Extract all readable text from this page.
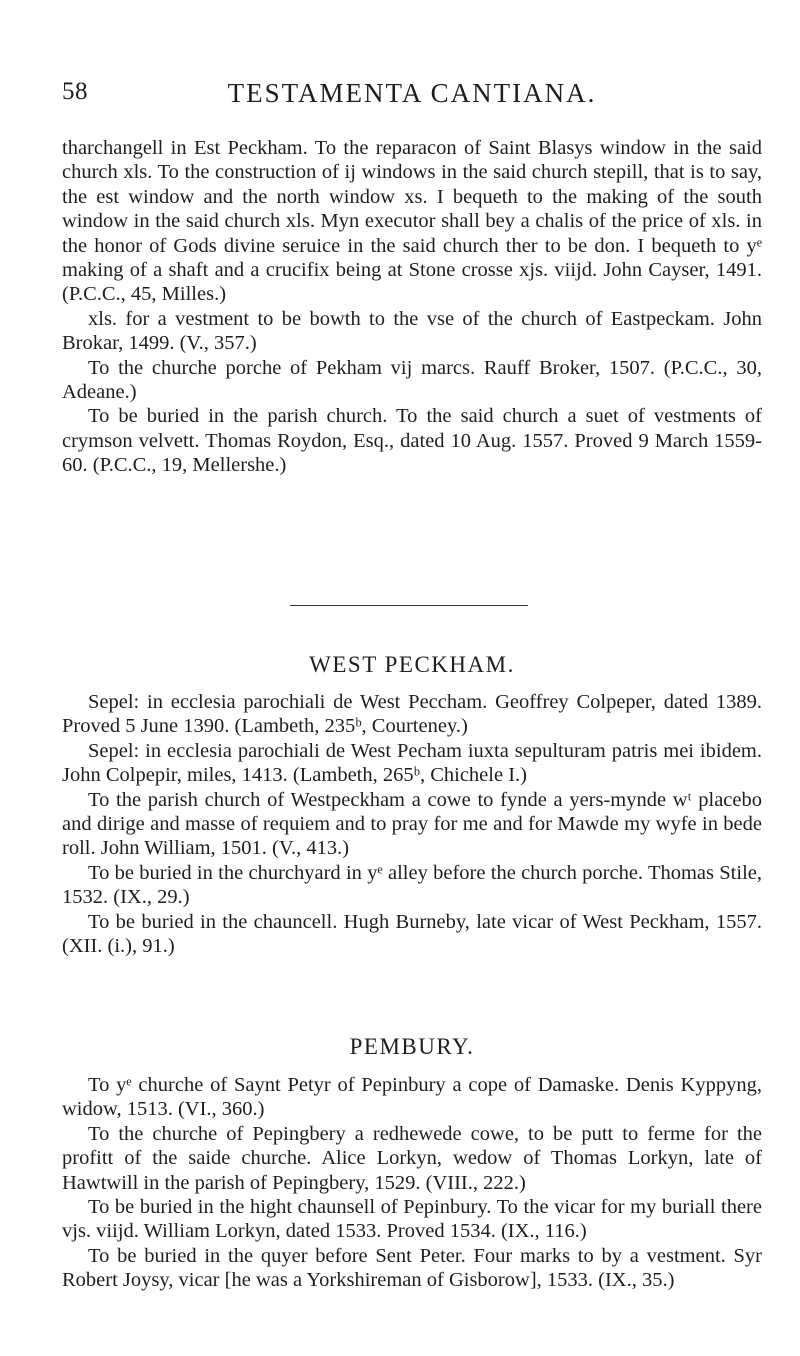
58	TESTAMENTA CANTIANA.

tharchangell in Est Peckham. To the reparacon of Saint Blasys window in the said church xls. To the construction of ij windows in the said church stepill, that is to say, the est window and the north window xs. I bequeth to the making of the south window in the said church xls. Myn executor shall bey a chalis of the price of xls. in the honor of Gods divine seruice in the said church ther to be don. I bequeth to yᵉ making of a shaft and a crucifix being at Stone crosse xjs. viijd. John Cayser, 1491. (P.C.C., 45, Milles.)

xls. for a vestment to be bowth to the vse of the church of Eastpeckam. John Brokar, 1499. (V., 357.)

To the churche porche of Pekham vij marcs. Rauff Broker, 1507. (P.C.C., 30, Adeane.)

To be buried in the parish church. To the said church a suet of vestments of crymson velvett. Thomas Roydon, Esq., dated 10 Aug. 1557. Proved 9 March 1559-60. (P.C.C., 19, Mellershe.)

WEST PECKHAM.

Sepel: in ecclesia parochiali de West Peccham. Geoffrey Colpeper, dated 1389. Proved 5 June 1390. (Lambeth, 235ᵇ, Courteney.)

Sepel: in ecclesia parochiali de West Pecham iuxta sepulturam patris mei ibidem. John Colpepir, miles, 1413. (Lambeth, 265ᵇ, Chichele I.)

To the parish church of Westpeckham a cowe to fynde a yers-mynde wᵗ placebo and dirige and masse of requiem and to pray for me and for Mawde my wyfe in bede roll. John William, 1501. (V., 413.)

To be buried in the churchyard in yᵉ alley before the church porche. Thomas Stile, 1532. (IX., 29.)

To be buried in the chauncell. Hugh Burneby, late vicar of West Peckham, 1557. (XII. (i.), 91.)

PEMBURY.

To yᵉ churche of Saynt Petyr of Pepinbury a cope of Damaske. Denis Kyppyng, widow, 1513. (VI., 360.)

To the churche of Pepingbery a redhewede cowe, to be putt to ferme for the profitt of the saide churche. Alice Lorkyn, wedow of Thomas Lorkyn, late of Hawtwill in the parish of Pepingbery, 1529. (VIII., 222.)

To be buried in the hight chaunsell of Pepinbury. To the vicar for my buriall there vjs. viijd. William Lorkyn, dated 1533. Proved 1534. (IX., 116.)

To be buried in the quyer before Sent Peter. Four marks to by a vestment. Syr Robert Joysy, vicar [he was a Yorkshireman of Gisborow], 1533. (IX., 35.)
